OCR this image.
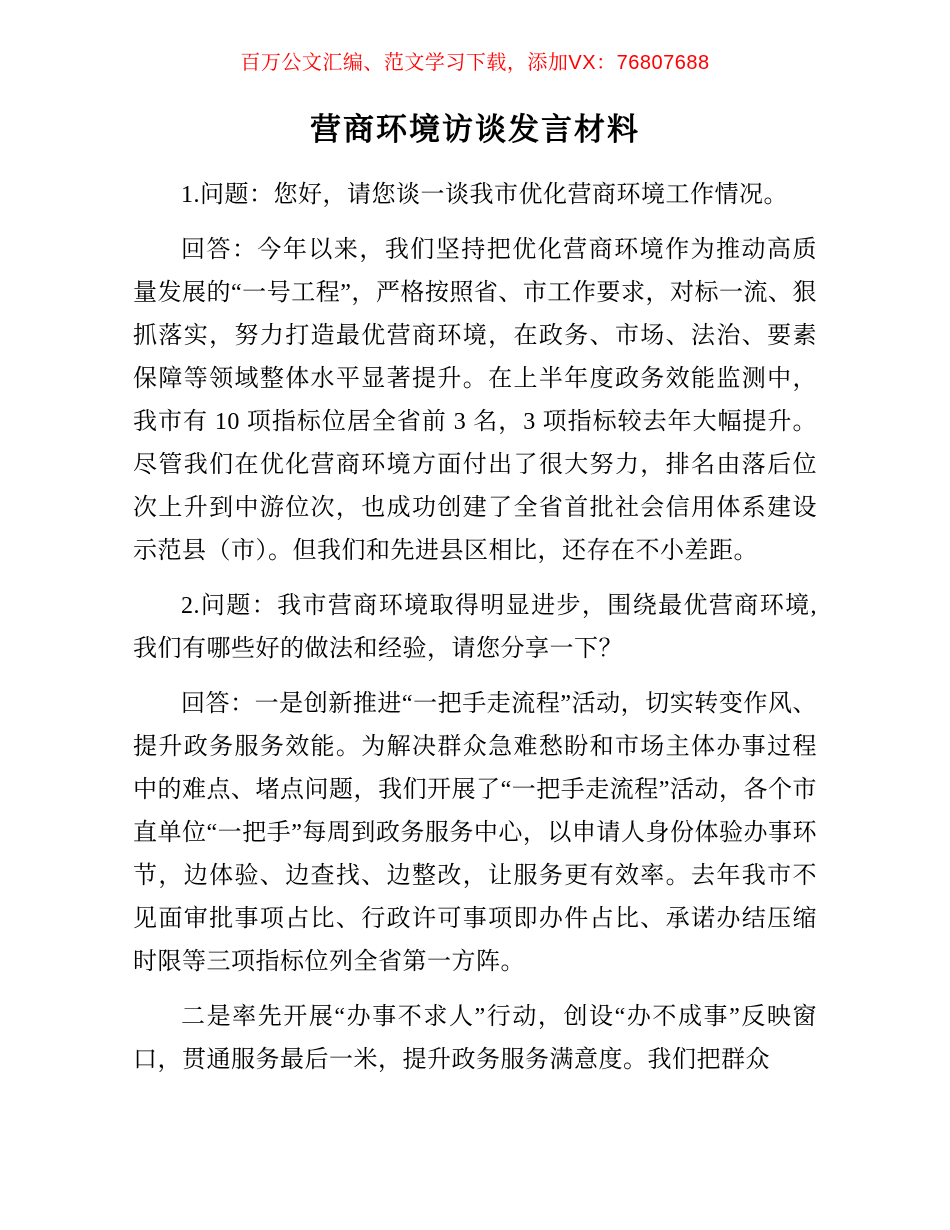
百万公文汇编、范文学习下载，添加VX：76807688
营商环境访谈发言材料

1.问题：您好，请您谈一谈我市优化营商环境工作情况。

回答：今年以来，我们坚持把优化营商环境作为推动高质量发展的“一号工程”，严格按照省、市工作要求，对标一流、狠抓落实，努力打造最优营商环境，在政务、市场、法治、要素保障等领域整体水平显著提升。在上半年度政务效能监测中，我市有 10 项指标位居全省前 3 名，3 项指标较去年大幅提升。尽管我们在优化营商环境方面付出了很大努力，排名由落后位次上升到中游位次，也成功创建了全省首批社会信用体系建设示范县（市）。但我们和先进县区相比，还存在不小差距。

2.问题：我市营商环境取得明显进步，围绕最优营商环境,我们有哪些好的做法和经验，请您分享一下？

回答：一是创新推进“一把手走流程”活动，切实转变作风、提升政务服务效能。为解决群众急难愁盼和市场主体办事过程中的难点、堵点问题，我们开展了“一把手走流程”活动，各个市直单位“一把手”每周到政务服务中心，以申请人身份体验办事环节，边体验、边查找、边整改，让服务更有效率。去年我市不见面审批事项占比、行政许可事项即办件占比、承诺办结压缩时限等三项指标位列全省第一方阵。

二是率先开展“办事不求人”行动，创设“办不成事”反映窗口，贯通服务最后一米，提升政务服务满意度。我们把群众
